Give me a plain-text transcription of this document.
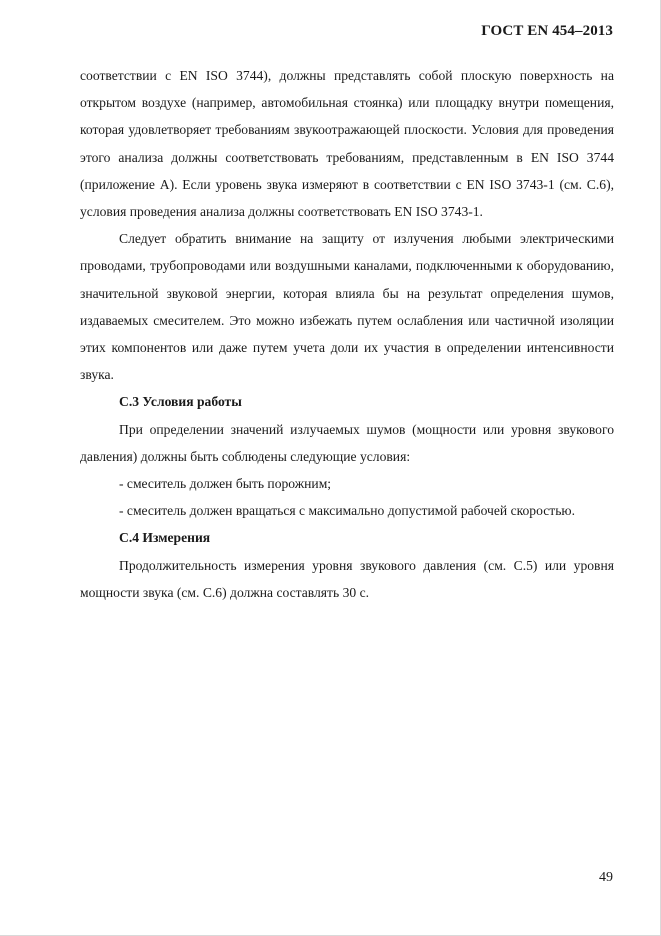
ГОСТ EN 454–2013

соответствии с EN ISO 3744), должны представлять собой плоскую поверхность на открытом воздухе (например, автомобильная стоянка) или площадку внутри помещения, которая удовлетворяет требованиям звукоотражающей плоскости. Условия для проведения этого анализа должны соответствовать требованиям, представленным в EN ISO 3744 (приложение A). Если уровень звука измеряют в соответствии с EN ISO 3743-1 (см. C.6), условия проведения анализа должны соответствовать EN ISO 3743-1.

Следует обратить внимание на защиту от излучения любыми электрическими проводами, трубопроводами или воздушными каналами, подключенными к оборудованию, значительной звуковой энергии, которая влияла бы на результат определения шумов, издаваемых смесителем. Это можно избежать путем ослабления или частичной изоляции этих компонентов или даже путем учета доли их участия в определении интенсивности звука.

C.3 Условия работы

При определении значений излучаемых шумов (мощности или уровня звукового давления) должны быть соблюдены следующие условия:

- смеситель должен быть порожним;

- смеситель должен вращаться с максимально допустимой рабочей скоростью.

C.4 Измерения

Продолжительность измерения уровня звукового давления (см. C.5) или уровня мощности звука (см. C.6) должна составлять 30 с.

49
